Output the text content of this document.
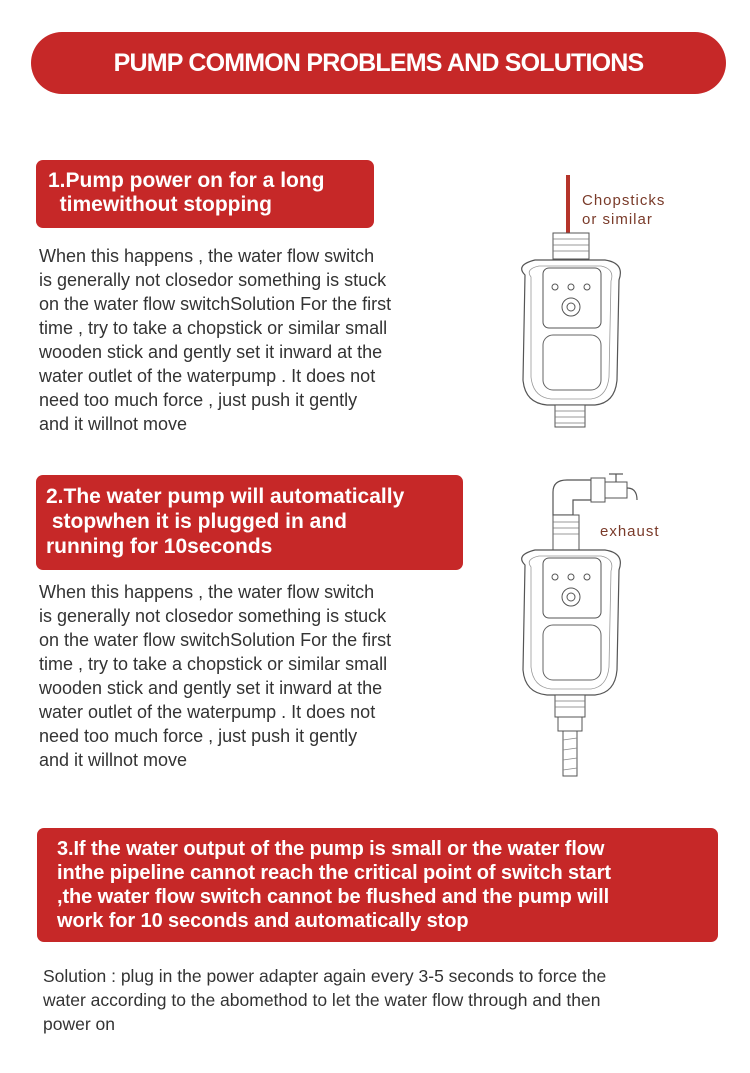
PUMP COMMON PROBLEMS AND SOLUTIONS
1.Pump power on for a long
timewithout stopping
When this happens , the water flow switch
is generally not closedor something is stuck
on the water flow switchSolution For the first
time , try to take a chopstick or similar small
wooden stick and gently set it inward at the
water outlet of the waterpump . It does not
need too much force , just push it gently
and it willnot move
Chopsticks
or similar
2.The water pump will automatically
stopwhen it is plugged in and
running for 10seconds
When this happens , the water flow switch
is generally not closedor something is stuck
on the water flow switchSolution For the first
time , try to take a chopstick or similar small
wooden stick and gently set it inward at the
water outlet of the waterpump . It does not
need too much force , just push it gently
and it willnot move
exhaust
3.If the water output of the pump is small or the water flow
inthe pipeline cannot reach the critical point of switch start
,the water flow switch cannot be flushed and the pump will
work for 10 seconds and automatically stop
Solution : plug in the power adapter again every 3-5 seconds to force the
water according to the abomethod to let the water flow through and then
power on
